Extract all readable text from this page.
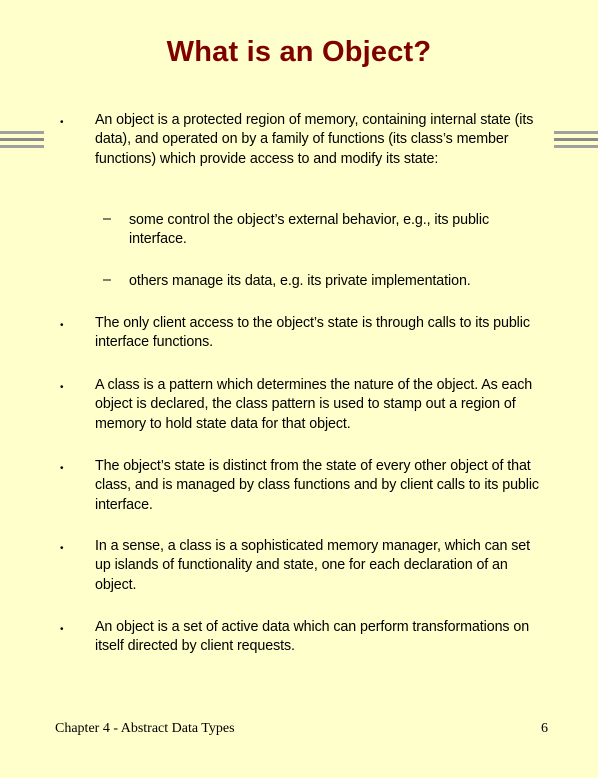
What is an Object?
• An object is a protected region of memory, containing internal state (its data), and operated on by a family of functions (its class’s member functions) which provide access to and modify its state:
– some control the object’s external behavior, e.g., its public interface.
– others manage its data, e.g. its private implementation.
• The only client access to the object’s state is through calls to its public interface functions.
• A class is a pattern which determines the nature of the object. As each object is declared, the class pattern is used to stamp out a region of memory to hold state data for that object.
• The object’s state is distinct from the state of every other object of that class, and is managed by class functions and by client calls to its public interface.
• In a sense, a class is a sophisticated memory manager, which can set up islands of functionality and state, one for each declaration of an object.
• An object is a set of active data which can perform transformations on itself directed by client requests.
Chapter 4 - Abstract Data Types	6
